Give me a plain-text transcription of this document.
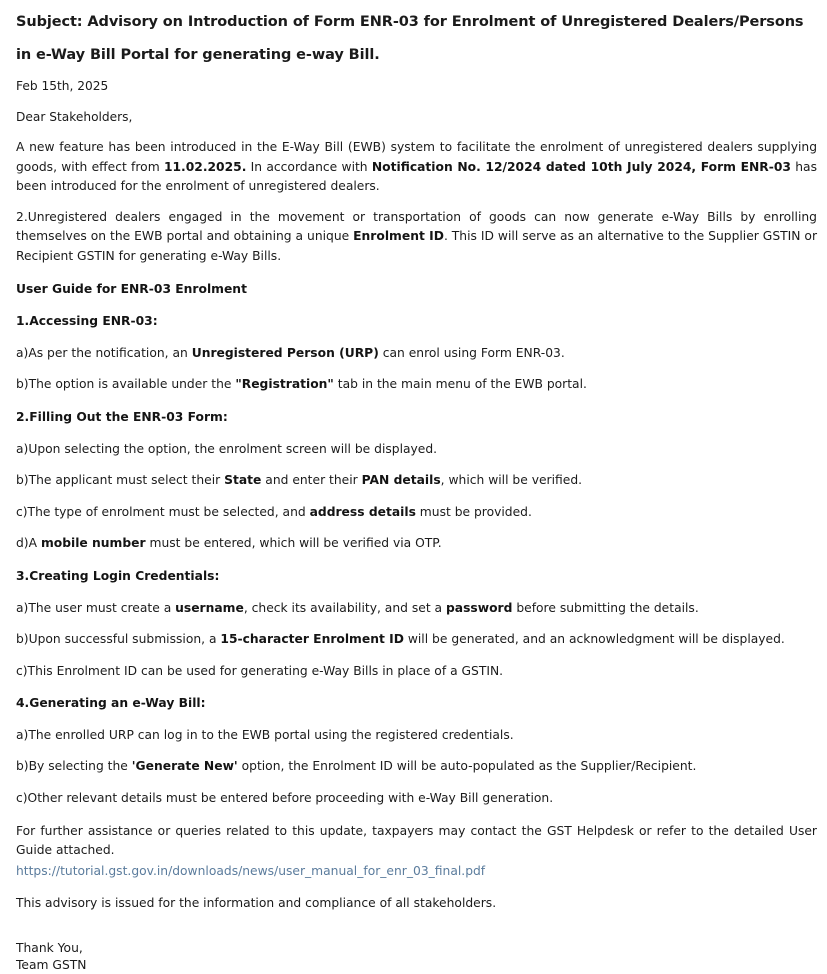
Subject: Advisory on Introduction of Form ENR-03 for Enrolment of Unregistered Dealers/Persons in e-Way Bill Portal for generating e-way Bill.
Feb 15th, 2025
Dear Stakeholders,

A new feature has been introduced in the E-Way Bill (EWB) system to facilitate the enrolment of unregistered dealers supplying goods, with effect from 11.02.2025. In accordance with Notification No. 12/2024 dated 10th July 2024, Form ENR-03 has been introduced for the enrolment of unregistered dealers.

2.Unregistered dealers engaged in the movement or transportation of goods can now generate e-Way Bills by enrolling themselves on the EWB portal and obtaining a unique Enrolment ID. This ID will serve as an alternative to the Supplier GSTIN or Recipient GSTIN for generating e-Way Bills.

User Guide for ENR-03 Enrolment
1.Accessing ENR-03:

a)As per the notification, an Unregistered Person (URP) can enrol using Form ENR-03.

b)The option is available under the "Registration" tab in the main menu of the EWB portal.

2.Filling Out the ENR-03 Form:

a)Upon selecting the option, the enrolment screen will be displayed.

b)The applicant must select their State and enter their PAN details, which will be verified.

c)The type of enrolment must be selected, and address details must be provided.

d)A mobile number must be entered, which will be verified via OTP.

3.Creating Login Credentials:

a)The user must create a username, check its availability, and set a password before submitting the details.

b)Upon successful submission, a 15-character Enrolment ID will be generated, and an acknowledgment will be displayed.

c)This Enrolment ID can be used for generating e-Way Bills in place of a GSTIN.

4.Generating an e-Way Bill:

a)The enrolled URP can log in to the EWB portal using the registered credentials.

b)By selecting the 'Generate New' option, the Enrolment ID will be auto-populated as the Supplier/Recipient.

c)Other relevant details must be entered before proceeding with e-Way Bill generation.

For further assistance or queries related to this update, taxpayers may contact the GST Helpdesk or refer to the detailed User Guide attached.

https://tutorial.gst.gov.in/downloads/news/user_manual_for_enr_03_final.pdf

This advisory is issued for the information and compliance of all stakeholders.

Thank You,
Team GSTN
